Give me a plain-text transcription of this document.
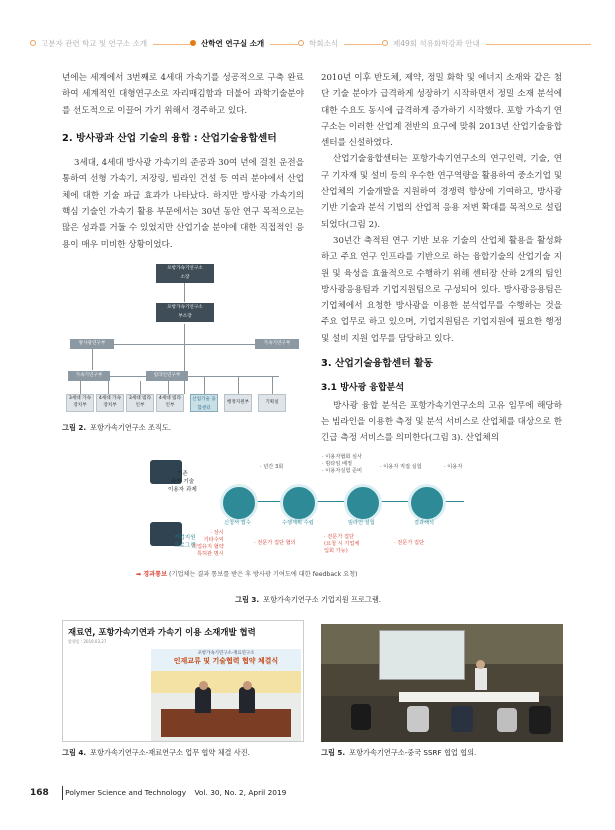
고분자 관련 학교 및 연구소 소개	산학연 연구실 소개	학회소식	제49회 석유화학강좌 안내

년에는 세계에서 3번째로 4세대 가속기를 성공적으로 구축 완료하여 세계적인 대형연구소로 자리매김함과 더불어 과학기술분야를 선도적으로 이끌어 가기 위해서 경주하고 있다.

2. 방사광과 산업 기술의 융합 : 산업기술융합센터

3세대, 4세대 방사광 가속기의 준공과 30여 년에 걸친 운전을 통하여 선형 가속기, 저장링, 빔라인 건설 등 여러 분야에서 산업체에 대한 기술 파급 효과가 나타났다. 하지만 방사광 가속기의 핵심 기술인 가속기 활용 부문에서는 30년 동안 연구 목적으로는 많은 성과를 거둘 수 있었지만 산업기술 분야에 대한 직접적인 응용이 매우 미비한 상황이었다.

2010년 이후 반도체, 제약, 정밀 화학 및 에너지 소재와 같은 첨단 기술 분야가 급격하게 성장하기 시작하면서 정밀 소재 분석에 대한 수요도 동시에 급격하게 증가하기 시작했다. 포항 가속기 연구소는 이러한 산업계 전반의 요구에 맞춰 2013년 산업기술융합센터를 신설하였다.

산업기술융합센터는 포항가속기연구소의 연구인력, 기술, 연구 기자재 및 설비 등의 우수한 연구역량을 활용하여 중소기업 및 산업체의 기술개발을 지원하여 경쟁력 향상에 기여하고, 방사광 기반 기술과 분석 기법의 산업적 응용 저변 확대를 목적으로 설립되었다(그림 2).

30년간 축적된 연구 기반 보유 기술의 산업체 활용을 활성화하고 주요 연구 인프라를 기반으로 하는 융합기술의 산업기술 지원 및 육성을 효율적으로 수행하기 위해 센터장 산하 2개의 팀인 방사광응용팀과 기업지원팀으로 구성되어 있다. 방사광응용팀은 기업체에서 요청한 방사광을 이용한 분석업무를 수행하는 것을 주요 업무로 하고 있으며, 기업지원팀은 기업지원에 필요한 행정 및 설비 지원 업무를 담당하고 있다.

3. 산업기술융합센터 활동
3.1 방사광 융합분석

방사광 융합 분석은 포항가속기연구소의 고유 임무에 해당하는 빔라인을 이용한 측정 및 분석 서비스로 산업체를 대상으로 한 긴급 측정 서비스를 의미한다(그림 3). 산업체의

포항가속기연구소
소장
포항가속기연구소
부소장
방사광연구부	가속기연구부
가속기연구부	빔라인연구부
3세대 가속장치부
4세대 가속장치부
3세대 빔라인부
4세대 빔라인부
산업기술 융합센터
행정지원부	기획실
그림 2. 포항가속기연구소 조직도.
기존
과학 기술
이용자 과제
기업지원
프로그램
신청서 접수	수행계획 수립	빔라인 실험	결과해석
· 년간 3회
· 이용자협회 심사
· 빔타임 배정
· 이용자실험 준비
· 이용자 직접 실험	· 이용자
· 상시
기타수익
기업유지 협약
특허관 명시
· 전문가 집단 협의
· 전문가 집단
(요청 시 기업체
입회 가능)
· 전문가 집단
➡ 경과통보 (기업체는 결과 통보를 받은 후 방사광 기여도에 대한 feedback 요청)
그림 3. 포항가속기연구소 기업지원 프로그램.
재료연, 포항가속기연과 가속기 이용 소재개발 협력
발행일 : 2019.03.27
포항가속기연구소-재료연구소
인재교류 및 기술협력 협약 체결식
그림 4. 포항가속기연구소-재료연구소 업무 협약 체결 사진.	그림 5. 포항가속기연구소-중국 SSRF 협업 협의.
168 Polymer Science and Technology Vol. 30, No. 2, April 2019
